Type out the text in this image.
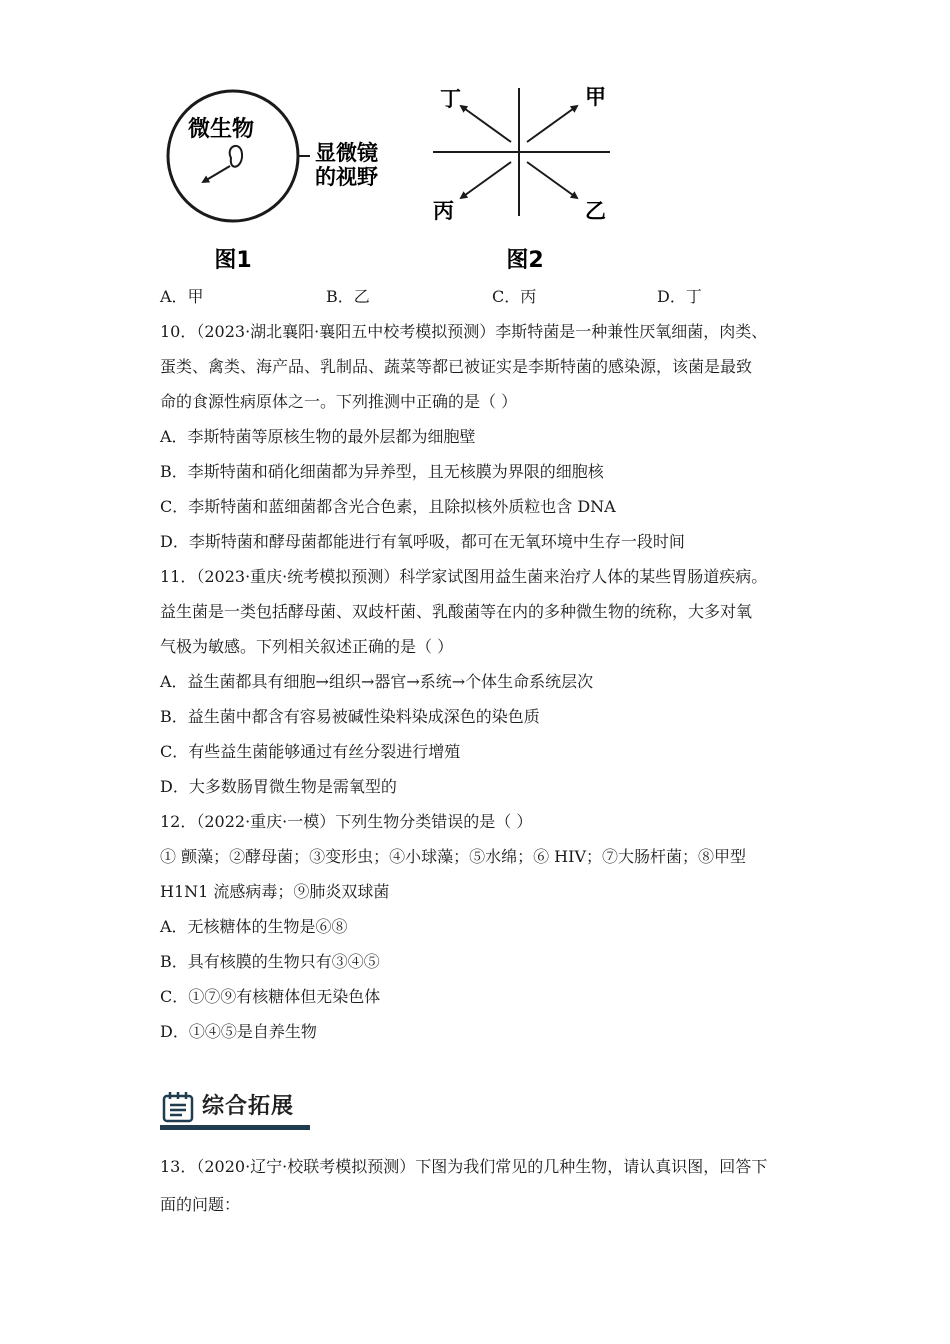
微生物
显微镜
的视野
图1
丁	甲
丙	乙
图2
A．甲	B．乙	C．丙	D．丁
10．（2023·湖北襄阳·襄阳五中校考模拟预测）李斯特菌是一种兼性厌氧细菌，肉类、
蛋类、禽类、海产品、乳制品、蔬菜等都已被证实是李斯特菌的感染源，该菌是最致
命的食源性病原体之一。下列推测中正确的是（ ）
A．李斯特菌等原核生物的最外层都为细胞壁
B．李斯特菌和硝化细菌都为异养型，且无核膜为界限的细胞核
C．李斯特菌和蓝细菌都含光合色素，且除拟核外质粒也含 DNA
D．李斯特菌和酵母菌都能进行有氧呼吸，都可在无氧环境中生存一段时间
11．（2023·重庆·统考模拟预测）科学家试图用益生菌来治疗人体的某些胃肠道疾病。
益生菌是一类包括酵母菌、双歧杆菌、乳酸菌等在内的多种微生物的统称，大多对氧
气极为敏感。下列相关叙述正确的是（ ）
A．益生菌都具有细胞→组织→器官→系统→个体生命系统层次
B．益生菌中都含有容易被碱性染料染成深色的染色质
C．有些益生菌能够通过有丝分裂进行增殖
D．大多数肠胃微生物是需氧型的
12．（2022·重庆·一模）下列生物分类错误的是（ ）
① 颤藻；②酵母菌；③变形虫；④小球藻；⑤水绵；⑥ HIV；⑦大肠杆菌；⑧甲型
H1N1 流感病毒；⑨肺炎双球菌
A．无核糖体的生物是⑥⑧
B．具有核膜的生物只有③④⑤
C．①⑦⑨有核糖体但无染色体
D．①④⑤是自养生物
综合拓展
13．（2020·辽宁·校联考模拟预测）下图为我们常见的几种生物，请认真识图，回答下
面的问题：
